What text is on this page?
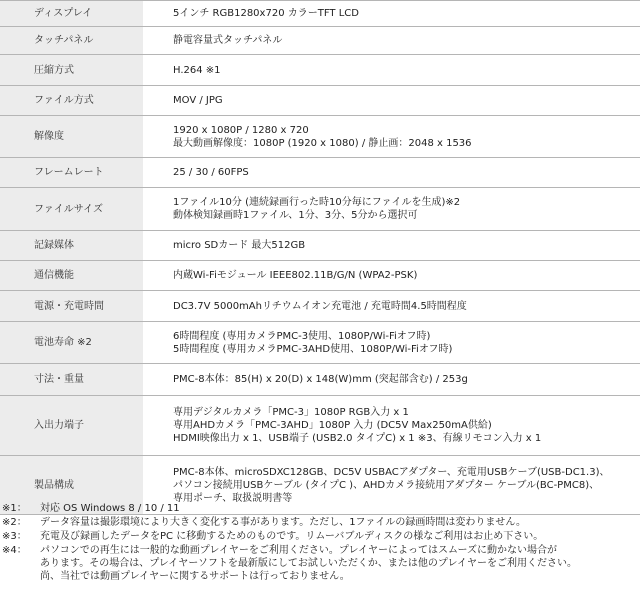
ディスプレイ	5インチ RGB1280x720 カラーTFT LCD

タッチパネル	静電容量式タッチパネル

圧縮方式	H.264 ※1

ファイル方式	MOV / JPG

解像度	1920 x 1080P / 1280 x 720
最大動画解像度：1080P (1920 x 1080) / 静止画：2048 x 1536

フレームレート	25 / 30 / 60FPS

ファイルサイズ	1ファイル10分 (連続録画行った時10分毎にファイルを生成)※2
動体検知録画時1ファイル、1分、3分、5分から選択可

記録媒体	micro SDカード 最大512GB

通信機能	内蔵Wi-Fiモジュール IEEE802.11B/G/N (WPA2-PSK)

電源・充電時間	DC3.7V 5000mAhリチウムイオン充電池 / 充電時間4.5時間程度

電池寿命 ※2	6時間程度 (専用カメラPMC-3使用、1080P/Wi-Fiオフ時)
5時間程度 (専用カメラPMC-3AHD使用、1080P/Wi-Fiオフ時)

寸法・重量	PMC-8本体：85(H) x 20(D) x 148(W)mm (突起部含む) / 253g

入出力端子	専用デジタルカメラ「PMC-3」1080P RGB入力 x 1
専用AHDカメラ「PMC-3AHD」1080P 入力 (DC5V Max250mA供給)
HDMI映像出力 x 1、USB端子 (USB2.0 タイプC) x 1 ※3、有線リモコン入力 x 1

製品構成	PMC-8本体、microSDXC128GB、DC5V USBACアダプター、充電用USBケーブ(USB-DC1.3)、
パソコン接続用USBケーブル (タイプC )、AHDカメラ接続用アダプター ケーブル(BC-PMC8)、
専用ポーチ、取扱説明書等
※1：	対応 OS Windows 8 / 10 / 11
※2：	データ容量は撮影環境により大きく変化する事があります。ただし、1ファイルの録画時間は変わりません。
※3：	充電及び録画したデータをPC に移動するためのものです。リムーバブルディスクの様なご利用はお止め下さい。
※4：	パソコンでの再生には一般的な動画プレイヤーをご利用ください。プレイヤーによってはスムーズに動かない場合が
あります。その場合は、プレイヤーソフトを最新版にしてお試しいただくか、または他のプレイヤーをご利用ください。
尚、当社では動画プレイヤーに関するサポートは行っておりません。
